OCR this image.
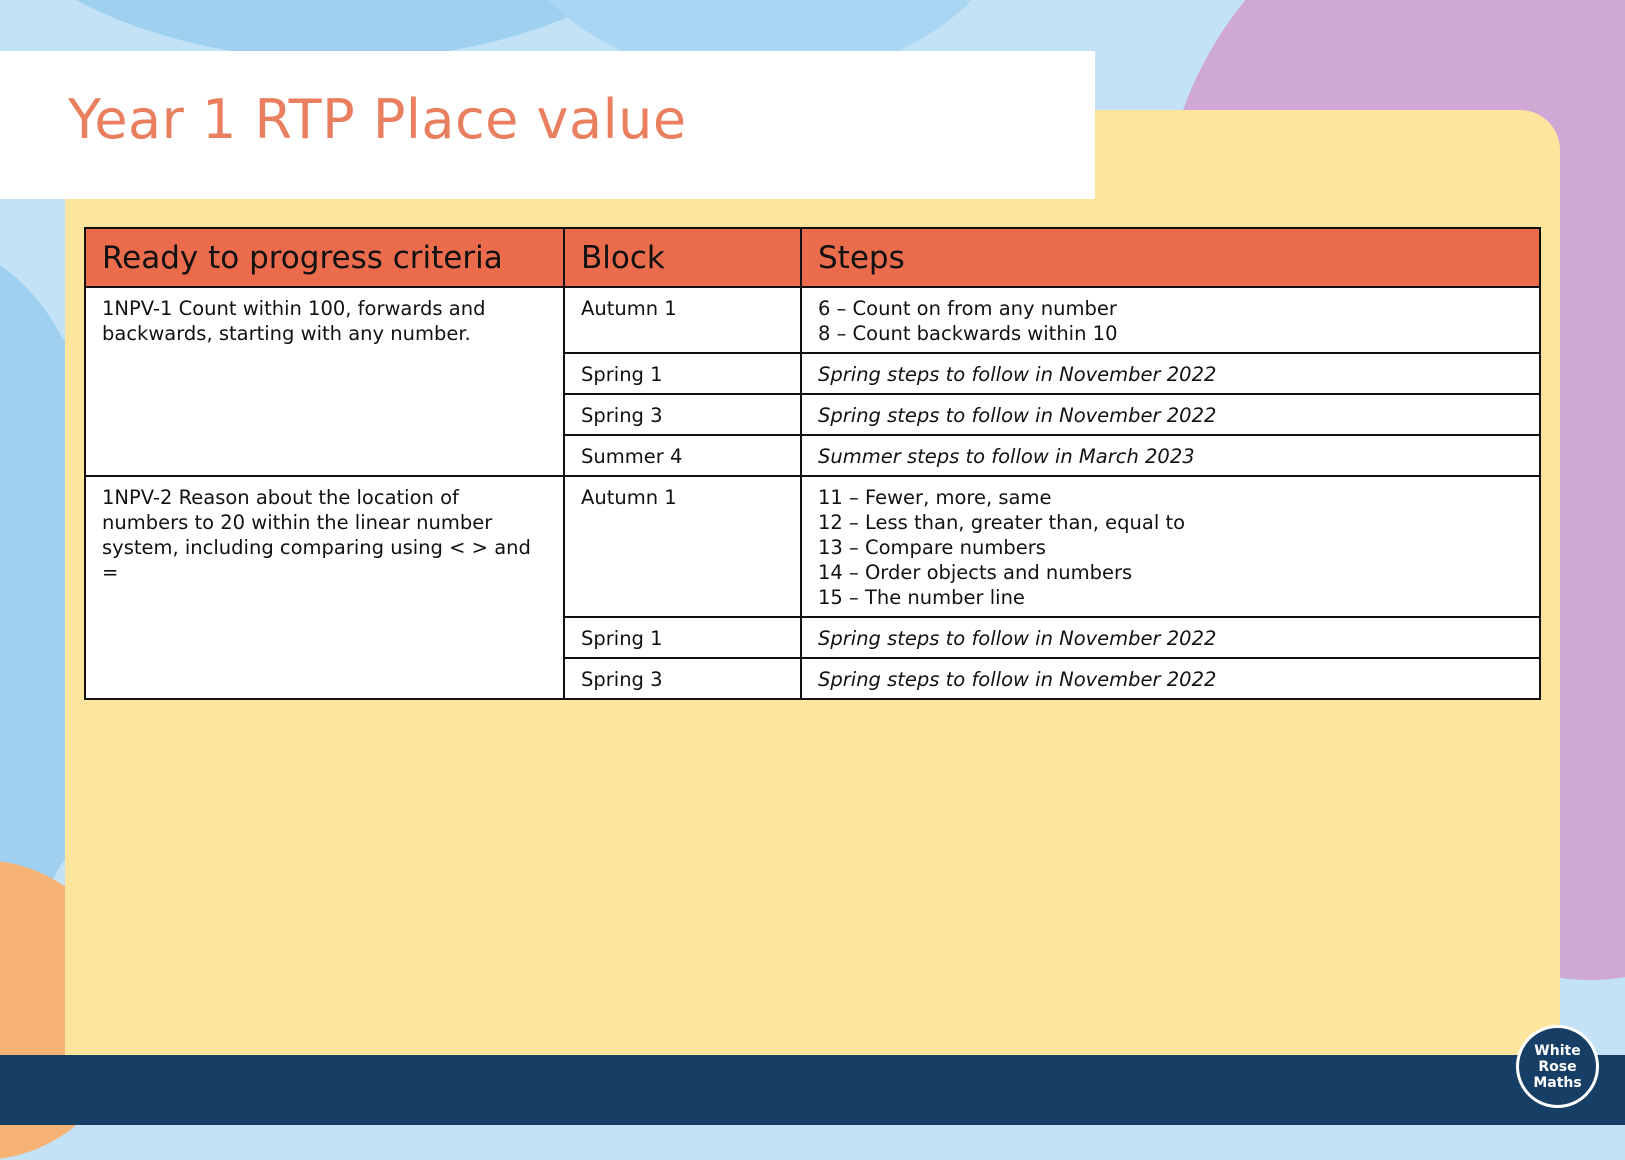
Year 1 RTP Place value
Ready to progress criteria	Block	Steps
1NPV-1 Count within 100, forwards and backwards, starting with any number.	Autumn 1	6 – Count on from any number
8 – Count backwards within 10

	Spring 1	Spring steps to follow in November 2022
	Spring 3	Spring steps to follow in November 2022
	Summer 4	Summer steps to follow in March 2023
1NPV-2 Reason about the location of numbers to 20 within the linear number system, including comparing using < > and =	Autumn 1	11 – Fewer, more, same
12 – Less than, greater than, equal to
13 – Compare numbers
14 – Order objects and numbers
15 – The number line

	Spring 1	Spring steps to follow in November 2022
	Spring 3	Spring steps to follow in November 2022
White
Rose
Maths
